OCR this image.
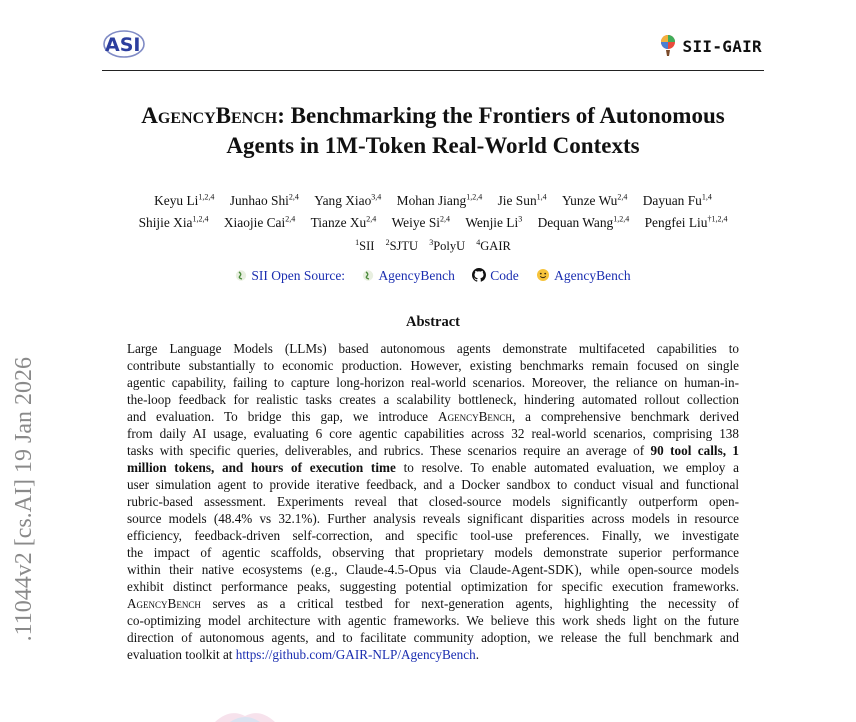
ASI	SII-GAIR
AgencyBench: Benchmarking the Frontiers of Autonomous
Agents in 1M-Token Real-World Contexts
Keyu Li$^{1,2,4}$ Junhao Shi$^{2,4}$ Yang Xiao$^{3,4}$ Mohan Jiang$^{1,2,4}$ Jie Sun$^{1,4}$ Yunze Wu$^{2,4}$ Dayuan Fu$^{1,4}$
Shijie Xia$^{1,2,4}$ Xiaojie Cai$^{2,4}$ Tianze Xu$^{2,4}$ Weiye Si$^{2,4}$ Wenjie Li$^3$ Dequan Wang$^{1,2,4}$ Pengfei Liu$^{\dagger 1,2,4}$
$^1$SII $^2$SJTU $^3$PolyU $^4$GAIR
SII Open Source: AgencyBench	Code	AgencyBench
Abstract
Large Language Models (LLMs) based autonomous agents demonstrate multifaceted capabilities to
contribute substantially to economic production. However, existing benchmarks remain focused on single
agentic capability, failing to capture long-horizon real-world scenarios. Moreover, the reliance on human-in-
the-loop feedback for realistic tasks creates a scalability bottleneck, hindering automated rollout collection
and evaluation. To bridge this gap, we introduce AgencyBench, a comprehensive benchmark derived
from daily AI usage, evaluating 6 core agentic capabilities across 32 real-world scenarios, comprising 138
tasks with specific queries, deliverables, and rubrics. These scenarios require an average of 90 tool calls, 1
million tokens, and hours of execution time to resolve. To enable automated evaluation, we employ a
user simulation agent to provide iterative feedback, and a Docker sandbox to conduct visual and functional
rubric-based assessment. Experiments reveal that closed-source models significantly outperform open-
source models (48.4% vs 32.1%). Further analysis reveals significant disparities across models in resource
efficiency, feedback-driven self-correction, and specific tool-use preferences. Finally, we investigate
the impact of agentic scaffolds, observing that proprietary models demonstrate superior performance
within their native ecosystems (e.g., Claude-4.5-Opus via Claude-Agent-SDK), while open-source models
exhibit distinct performance peaks, suggesting potential optimization for specific execution frameworks.
AgencyBench serves as a critical testbed for next-generation agents, highlighting the necessity of
co-optimizing model architecture with agentic frameworks. We believe this work sheds light on the future
direction of autonomous agents, and to facilitate community adoption, we release the full benchmark and
evaluation toolkit at https://github.com/GAIR-NLP/AgencyBench.
.11044v2 [cs.AI] 19 Jan 2026
